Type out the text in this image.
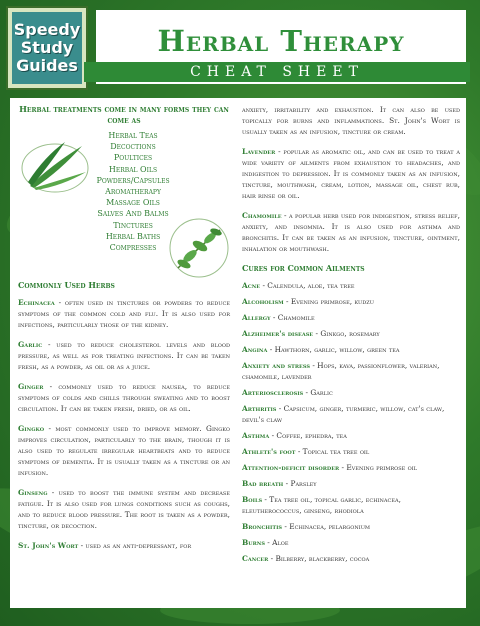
Speedy
Study
Guides
Herbal Therapy
CHEAT SHEET
Herbal treatments come in many forms they can come as
Herbal Teas
Decoctions
Poultices
Herbal Oils
Powders/Capsules
Aromatherapy
Massage Oils
Salves And Balms
Tinctures
Herbal Baths
Compresses
Commonly Used Herbs

Echinacea - often used in tinctures or powders to reduce symptoms of the common cold and flu. It is also used for infections, particularly those of the kidney.

Garlic - used to reduce cholesterol levels and blood pressure, as well as for treating infections. It can be taken fresh, as a powder, as oil or as a juice.

Ginger - commonly used to reduce nausea, to reduce symptoms of colds and chills through sweating and to boost circulation. It can be taken fresh, dried, or as oil.

Gingko - most commonly used to improve memory. Gingko improves circulation, particularly to the brain, though it is also used to regulate irregular heartbeats and to reduce symptoms of dementia. It is usually taken as a tincture or an infusion.

Ginseng - used to boost the immune system and decrease fatigue. It is also used for lungs conditions such as coughs, and to reduce blood pressure. The root is taken as a powder, tincture, or decoction.

St. John's Wort - used as an anti-depressant, for

anxiety, irritability and exhaustion. It can also be used topically for burns and inflammations. St. John's Wort is usually taken as an infusion, tincture or cream.

Lavender - popular as aromatic oil, and can be used to treat a wide variety of ailments from exhaustion to headaches, and indigestion to depression. It is commonly taken as an infusion, tincture, mouthwash, cream, lotion, massage oil, chest rub, hair rinse or oil.

Chamomile - a popular herb used for indigestion, stress relief, anxiety, and insomnia. It is also used for asthma and bronchitis. It can be taken as an infusion, tincture, ointment, inhalation or mouthwash.

Cures for Common Ailments
Acne - Calendula, aloe, tea tree
Alcoholism - Evening primrose, kudzu
Allergy - Chamomile
Alzheimer's disease - Ginkgo, rosemary
Angina - Hawthorn, garlic, willow, green tea
Anxiety and stress - Hops, kava, passionflower, valerian, chamomile, lavender
Arteriosclerosis - Garlic
Arthritis - Capsicum, ginger, turmeric, willow, cat's claw, devil's claw
Asthma - Coffee, ephedra, tea
Athlete's foot - Topical tea tree oil
Attention-deficit disorder - Evening primrose oil
Bad breath - Parsley
Boils - Tea tree oil, topical garlic, echinacea, eleutherococcus, ginseng, rhodiola
Bronchitis - Echinacea, pelargonium
Burns - Aloe
Cancer - Bilberry, blackberry, cocoa
